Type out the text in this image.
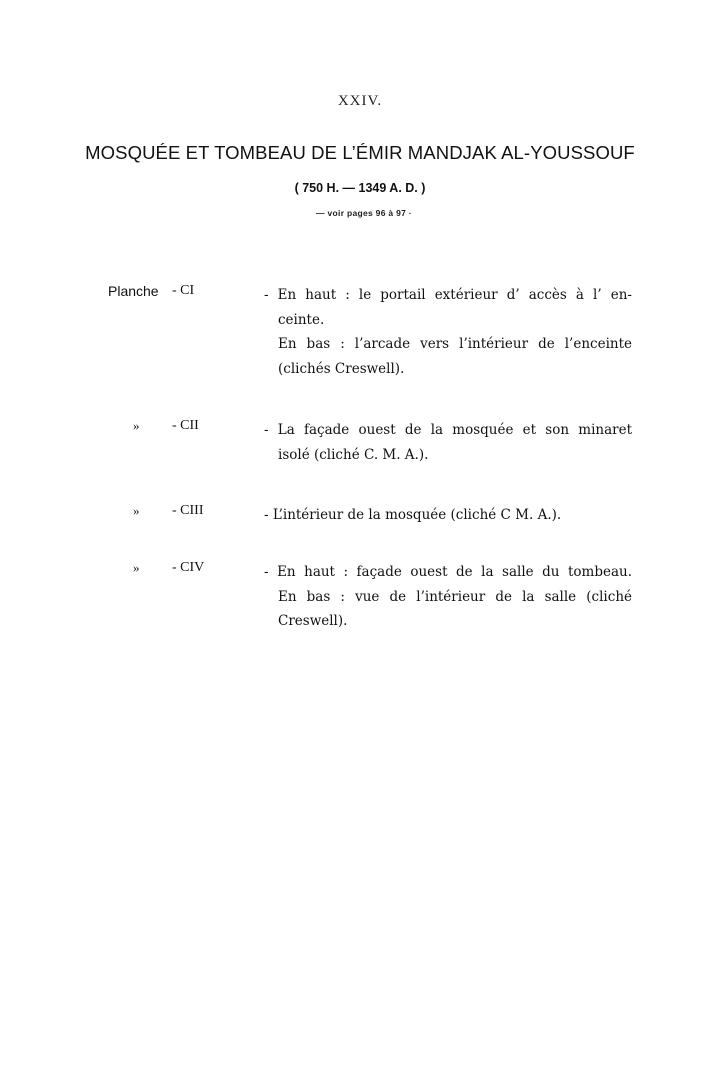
XXIV.
MOSQUÉE ET TOMBEAU DE L’ÉMIR MANDJAK AL-YOUSSOUF
( 750 H. — 1349 A. D. )
— voir pages 96 à 97 ·
Planche - CI	- En haut : le portail extérieur d’ accès à l’ en-
ceinte.
En bas : l’arcade vers l’intérieur de l’enceinte
(clichés Creswell).
» - CII	- La façade ouest de la mosquée et son minaret
isolé (cliché C. M. A.).
» - CIII	- L’intérieur de la mosquée (cliché C M. A.).
» - CIV	- En haut : façade ouest de la salle du tombeau.
En bas : vue de l’intérieur de la salle (cliché
Creswell).
